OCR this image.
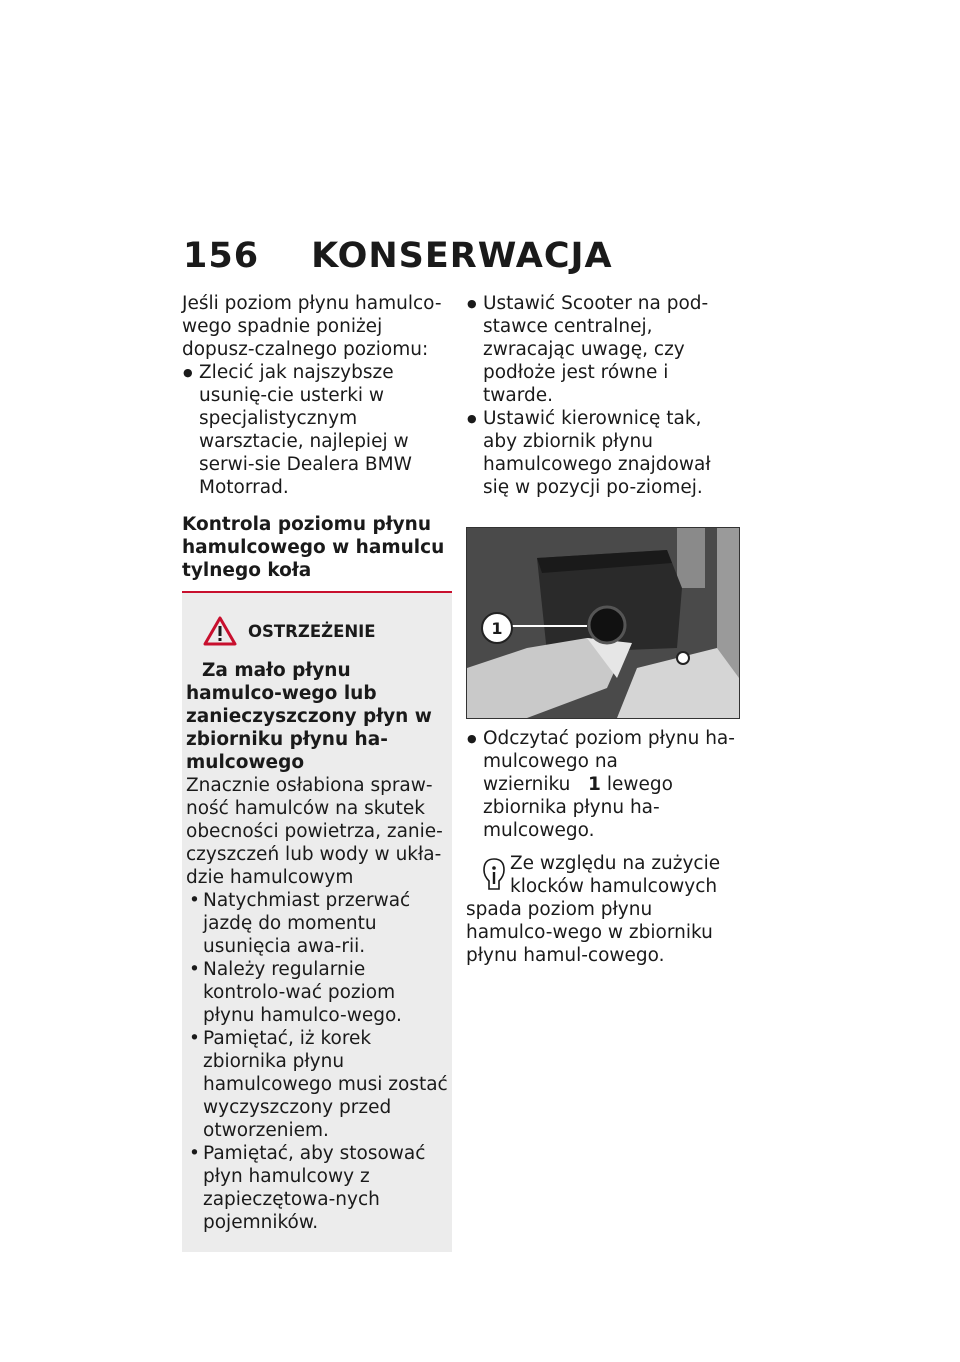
156 KONSERWACJA

Jeśli poziom płynu hamulco-wego spadnie poniżej dopusz-czalnego poziomu:

● Zlecić jak najszybsze usunię-cie usterki w specjalistycznym warsztacie, najlepiej w serwi-sie Dealera BMW Motorrad.
Kontrola poziomu płynu hamulcowego w hamulcu tylnego koła
OSTRZEŻENIE

Za mało płynu hamulco-wego lub zanieczyszczony płyn w zbiorniku płynu ha-mulcowego

Znacznie osłabiona spraw-ność hamulców na skutek obecności powietrza, zanie-czyszczeń lub wody w ukła-dzie hamulcowym

• Natychmiast przerwać jazdę do momentu usunięcia awa-rii.
• Należy regularnie kontrolo-wać poziom płynu hamulco-wego.
• Pamiętać, iż korek zbiornika płynu hamulcowego musi zostać wyczyszczony przed otworzeniem.
• Pamiętać, aby stosować płyn hamulcowy z zapieczętowa-nych pojemników.
● Ustawić Scooter na pod-stawce centralnej, zwracając uwagę, czy podłoże jest równe i twarde.
● Ustawić kierownicę tak, aby zbiornik płynu hamulcowego znajdował się w pozycji po-ziomej.
1
● Odczytać poziom płynu ha-mulcowego na wzierniku 1 lewego zbiornika płynu ha-mulcowego.

Ze względu na zużycie klocków hamulcowych

spada poziom płynu hamulco-wego w zbiorniku płynu hamul-cowego.
